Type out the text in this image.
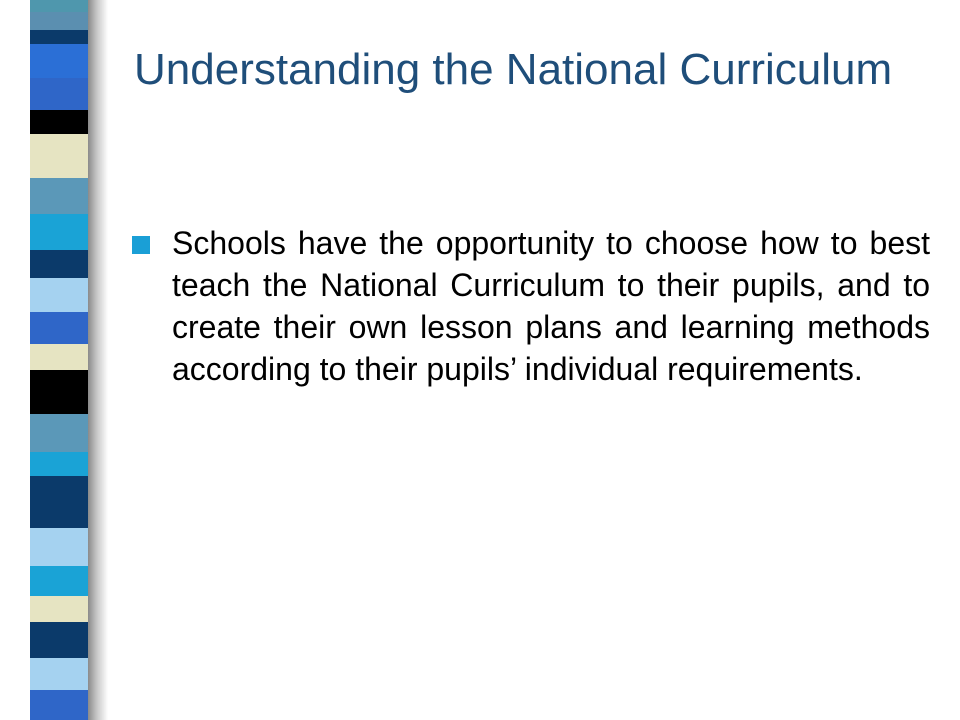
Understanding the National Curriculum
Schools have the opportunity to choose how to best teach the National Curriculum to their pupils, and to create their own lesson plans and learning methods according to their pupils’ individual requirements.
